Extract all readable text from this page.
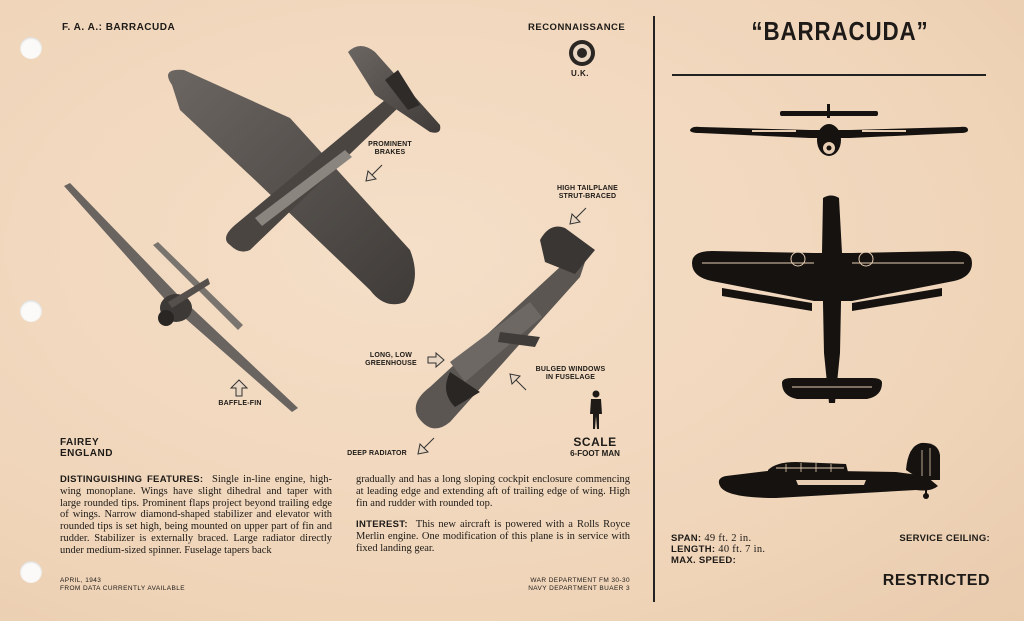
F. A. A.: BARRACUDA	RECONNAISSANCE
U.K.
PROMINENT
BRAKES
HIGH TAILPLANE
STRUT-BRACED
LONG, LOW
GREENHOUSE
BULGED WINDOWS
IN FUSELAGE
BAFFLE-FIN
DEEP RADIATOR
FAIREY
ENGLAND
SCALE
6-FOOT MAN
DISTINGUISHING FEATURES: Single in-line engine, high-wing monoplane. Wings have slight dihedral and taper with large rounded tips. Prominent flaps project beyond trailing edge of wings. Narrow diamond-shaped stabilizer and elevator with rounded tips is set high, being mounted on upper part of fin and rudder. Stabilizer is externally braced. Large radiator directly under medium-sized spinner. Fuselage tapers back
gradually and has a long sloping cockpit enclosure commencing at leading edge and extending aft of trailing edge of wing. High fin and rudder with rounded top.
INTEREST: This new aircraft is powered with a Rolls Royce Merlin engine. One modification of this plane is in service with fixed landing gear.
APRIL, 1943
FROM DATA CURRENTLY AVAILABLE
WAR DEPARTMENT FM 30-30
NAVY DEPARTMENT BUAER 3
“BARRACUDA”
SPAN: 49 ft. 2 in.
LENGTH: 40 ft. 7 in.
MAX. SPEED:
SERVICE CEILING:
RESTRICTED
